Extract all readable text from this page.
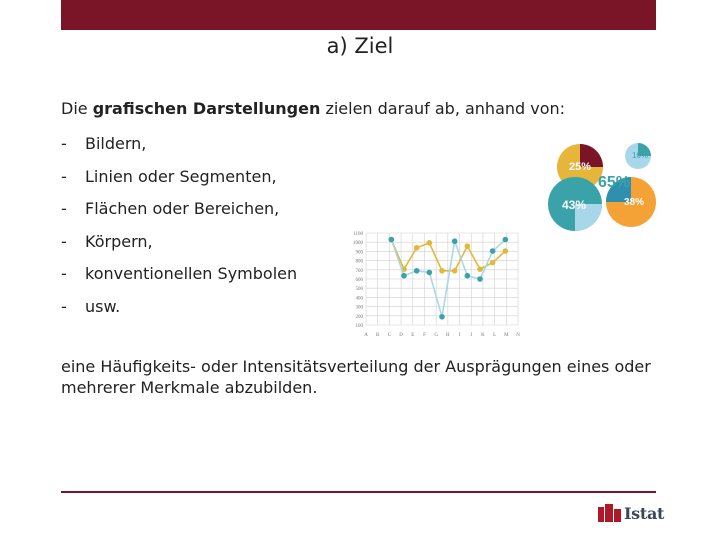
a) Ziel
Die grafischen Darstellungen zielen darauf ab, anhand von:
- Bildern,
- Linien oder Segmenten,
- Flächen oder Bereichen,
- Körpern,
- konventionellen Symbolen
- usw.
25%
16%
65%
43%	38%
1100
1000
900
800
700
600
500
400
300
200
100
A B C D E F G H I J K L M N
eine Häufigkeits- oder Intensitätsverteilung der Ausprägungen eines oder mehrerer Merkmale abzubilden.
Istat
